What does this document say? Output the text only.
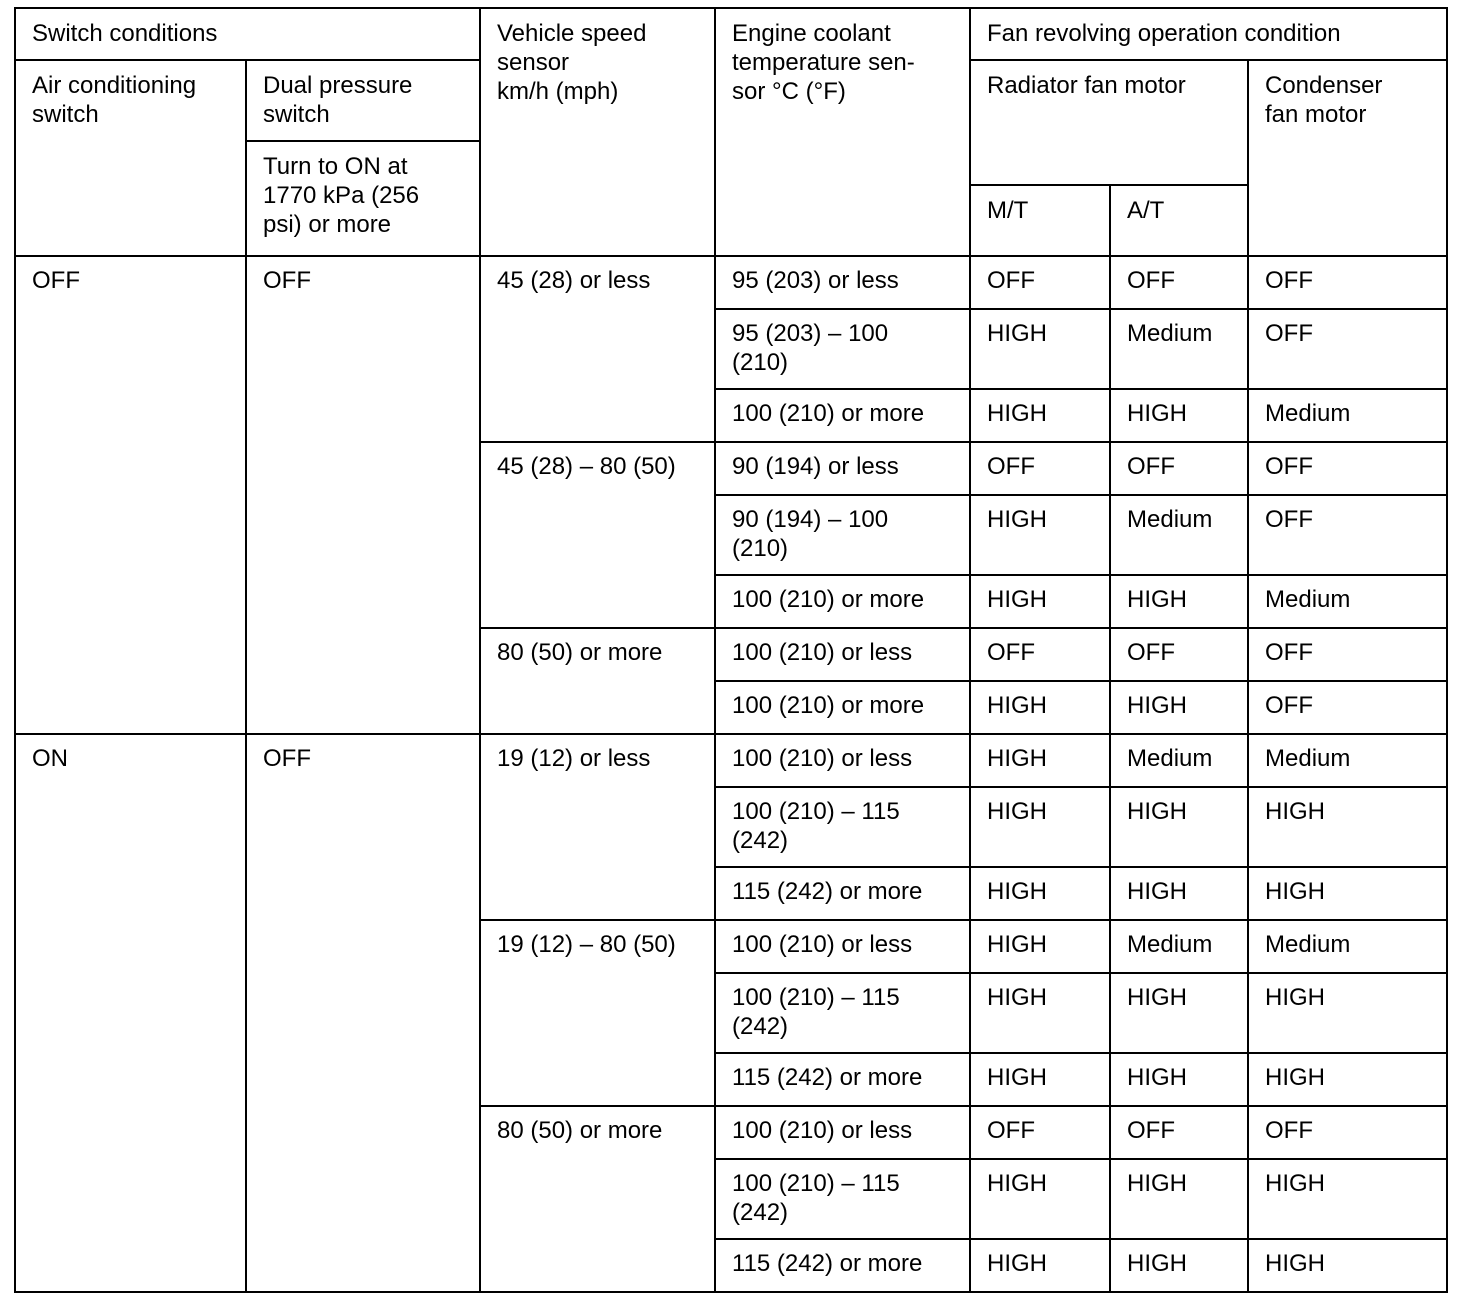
Switch conditions		Vehicle speed
sensor
km/h (mph)	Engine coolant
temperature sen-
sor °C (°F)	Fan revolving operation condition		
Air conditioning
switch	Dual pressure
switch			Radiator fan motor		Condenser
fan motor
	Turn to ON at
1770 kPa (256
psi) or more					
				M/T	A/T	
OFF	OFF	45 (28) or less	95 (203) or less	OFF	OFF	OFF
			95 (203) – 100
(210)	HIGH	Medium	OFF
			100 (210) or more	HIGH	HIGH	Medium
		45 (28) – 80 (50)	90 (194) or less	OFF	OFF	OFF
			90 (194) – 100
(210)	HIGH	Medium	OFF
			100 (210) or more	HIGH	HIGH	Medium
		80 (50) or more	100 (210) or less	OFF	OFF	OFF
			100 (210) or more	HIGH	HIGH	OFF
ON	OFF	19 (12) or less	100 (210) or less	HIGH	Medium	Medium
			100 (210) – 115
(242)	HIGH	HIGH	HIGH
			115 (242) or more	HIGH	HIGH	HIGH
		19 (12) – 80 (50)	100 (210) or less	HIGH	Medium	Medium
			100 (210) – 115
(242)	HIGH	HIGH	HIGH
			115 (242) or more	HIGH	HIGH	HIGH
		80 (50) or more	100 (210) or less	OFF	OFF	OFF
			100 (210) – 115
(242)	HIGH	HIGH	HIGH
			115 (242) or more	HIGH	HIGH	HIGH
